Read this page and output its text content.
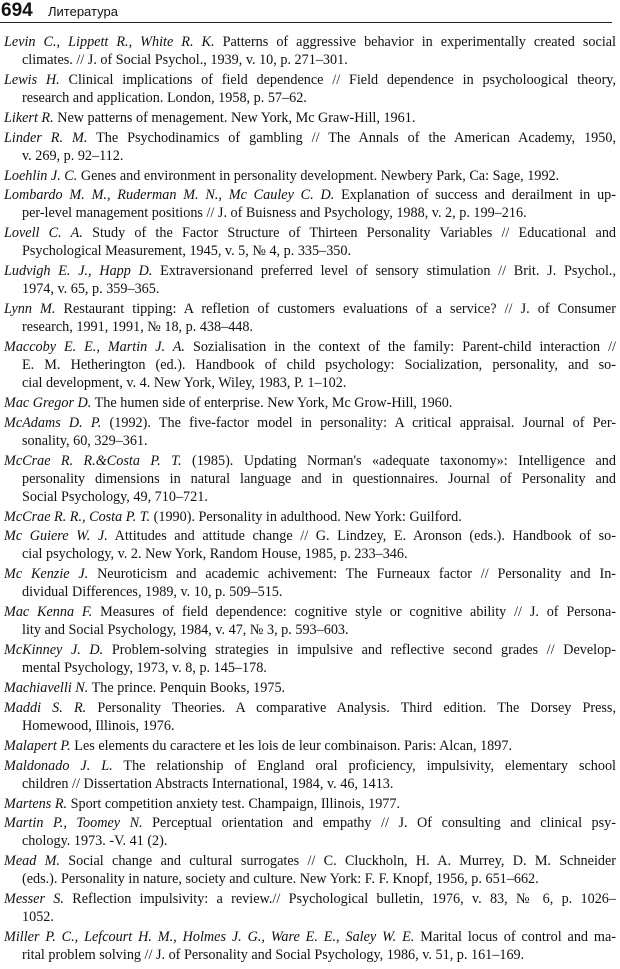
694 Литература
Levin C., Lippett R., White R. K. Patterns of aggressive behavior in experimentally created social
climates. // J. of Social Psychol., 1939, v. 10, p. 271–301.
Lewis H. Clinical implications of field dependence // Field dependence in psycholoogical theory,
research and application. London, 1958, p. 57–62.
Likert R. New patterns of menagement. New York, Mc Graw-Hill, 1961.
Linder R. M. The Psychodinamics of gambling // The Annals of the American Academy, 1950,
v. 269, p. 92–112.
Loehlin J. C. Genes and environment in personality development. Newbery Park, Ca: Sage, 1992.
Lombardo M. M., Ruderman M. N., Mc Cauley C. D. Explanation of success and derailment in up-
per-level management positions // J. of Buisness and Psychology, 1988, v. 2, p. 199–216.
Lovell C. A. Study of the Factor Structure of Thirteen Personality Variables // Educational and
Psychological Measurement, 1945, v. 5, № 4, p. 335–350.
Ludvigh E. J., Happ D. Extraversionand preferred level of sensory stimulation // Brit. J. Psychol.,
1974, v. 65, p. 359–365.
Lynn M. Restaurant tipping: A refletion of customers evaluations of a service? // J. of Consumer
research, 1991, 1991, № 18, p. 438–448.
Maccoby E. E., Martin J. A. Sozialisation in the context of the family: Parent-child interaction //
E. M. Hetherington (ed.). Handbook of child psychology: Socialization, personality, and so-
cial development, v. 4. New York, Wiley, 1983, P. 1–102.
Mac Gregor D. The humen side of enterprise. New York, Mc Grow-Hill, 1960.
McAdams D. P. (1992). The five-factor model in personality: A critical appraisal. Journal of Per-
sonality, 60, 329–361.
McCrae R. R.&Costa P. T. (1985). Updating Norman's «adequate taxonomy»: Intelligence and
personality dimensions in natural language and in questionnaires. Journal of Personality and
Social Psychology, 49, 710–721.
McCrae R. R., Costa P. T. (1990). Personality in adulthood. New York: Guilford.
Mc Guiere W. J. Attitudes and attitude change // G. Lindzey, E. Aronson (eds.). Handbook of so-
cial psychology, v. 2. New York, Random House, 1985, p. 233–346.
Mc Kenzie J. Neuroticism and academic achivement: The Furneaux factor // Personality and In-
dividual Differences, 1989, v. 10, p. 509–515.
Mac Kenna F. Measures of field dependence: cognitive style or cognitive ability // J. of Persona-
lity and Social Psychology, 1984, v. 47, № 3, p. 593–603.
McKinney J. D. Problem-solving strategies in impulsive and reflective second grades // Develop-
mental Psychology, 1973, v. 8, p. 145–178.
Machiavelli N. The prince. Penquin Books, 1975.
Maddi S. R. Personality Theories. A comparative Analysis. Third edition. The Dorsey Press,
Homewood, Illinois, 1976.
Malapert P. Les elements du caractere et les lois de leur combinaison. Paris: Alcan, 1897.
Maldonado J. L. The relationship of England oral proficiency, impulsivity, elementary school
children // Dissertation Abstracts International, 1984, v. 46, 1413.
Martens R. Sport competition anxiety test. Champaign, Illinois, 1977.
Martin P., Toomey N. Perceptual orientation and empathy // J. Of consulting and clinical psy-
chology. 1973. -V. 41 (2).
Mead M. Social change and cultural surrogates // C. Cluckholn, H. A. Murrey, D. M. Schneider
(eds.). Personality in nature, society and culture. New York: F. F. Knopf, 1956, p. 651–662.
Messer S. Reflection impulsivity: a review.// Psychological bulletin, 1976, v. 83, № 6, p. 1026–
1052.
Miller P. C., Lefcourt H. M., Holmes J. G., Ware E. E., Saley W. E. Marital locus of control and ma-
rital problem solving // J. of Personality and Social Psychology, 1986, v. 51, p. 161–169.
